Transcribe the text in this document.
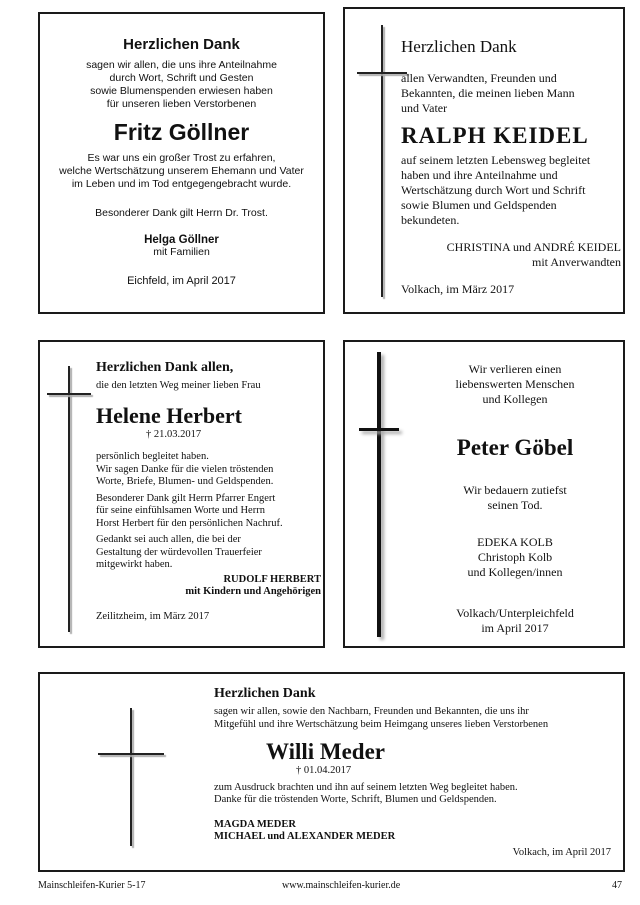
Herzlichen Dank

sagen wir allen, die uns ihre Anteilnahme
durch Wort, Schrift und Gesten
sowie Blumenspenden erwiesen haben
für unseren lieben Verstorbenen

Fritz Göllner

Es war uns ein großer Trost zu erfahren,
welche Wertschätzung unserem Ehemann und Vater
im Leben und im Tod entgegengebracht wurde.

Besonderer Dank gilt Herrn Dr. Trost.

Helga Göllner

mit Familien

Eichfeld, im April 2017

Herzlichen Dank

allen Verwandten, Freunden und
Bekannten, die meinen lieben Mann
und Vater

RALPH KEIDEL

auf seinem letzten Lebensweg begleitet
haben und ihre Anteilnahme und
Wertschätzung durch Wort und Schrift
sowie Blumen und Geldspenden
bekundeten.

CHRISTINA und ANDRÉ KEIDEL

mit Anverwandten

Volkach, im März 2017

Herzlichen Dank allen,

die den letzten Weg meiner lieben Frau

Helene Herbert

† 21.03.2017

persönlich begleitet haben.
Wir sagen Danke für die vielen tröstenden
Worte, Briefe, Blumen- und Geldspenden.
Besonderer Dank gilt Herrn Pfarrer Engert
für seine einfühlsamen Worte und Herrn
Horst Herbert für den persönlichen Nachruf.
Gedankt sei auch allen, die bei der
Gestaltung der würdevollen Trauerfeier
mitgewirkt haben.

RUDOLF HERBERT

mit Kindern und Angehörigen

Zeilitzheim, im März 2017

Wir verlieren einen
liebenswerten Menschen
und Kollegen

Peter Göbel

Wir bedauern zutiefst
seinen Tod.
EDEKA KOLB
Christoph Kolb
und Kollegen/innen
Volkach/Unterpleichfeld
im April 2017

Herzlichen Dank

sagen wir allen, sowie den Nachbarn, Freunden und Bekannten, die uns ihr
Mitgefühl und ihre Wertschätzung beim Heimgang unseres lieben Verstorbenen

Willi Meder

† 01.04.2017

zum Ausdruck brachten und ihn auf seinem letzten Weg begleitet haben.
Danke für die tröstenden Worte, Schrift, Blumen und Geldspenden.
MAGDA MEDER
MICHAEL und ALEXANDER MEDER

Volkach, im April 2017

Mainschleifen-Kurier 5-17	www.mainschleifen-kurier.de	47
